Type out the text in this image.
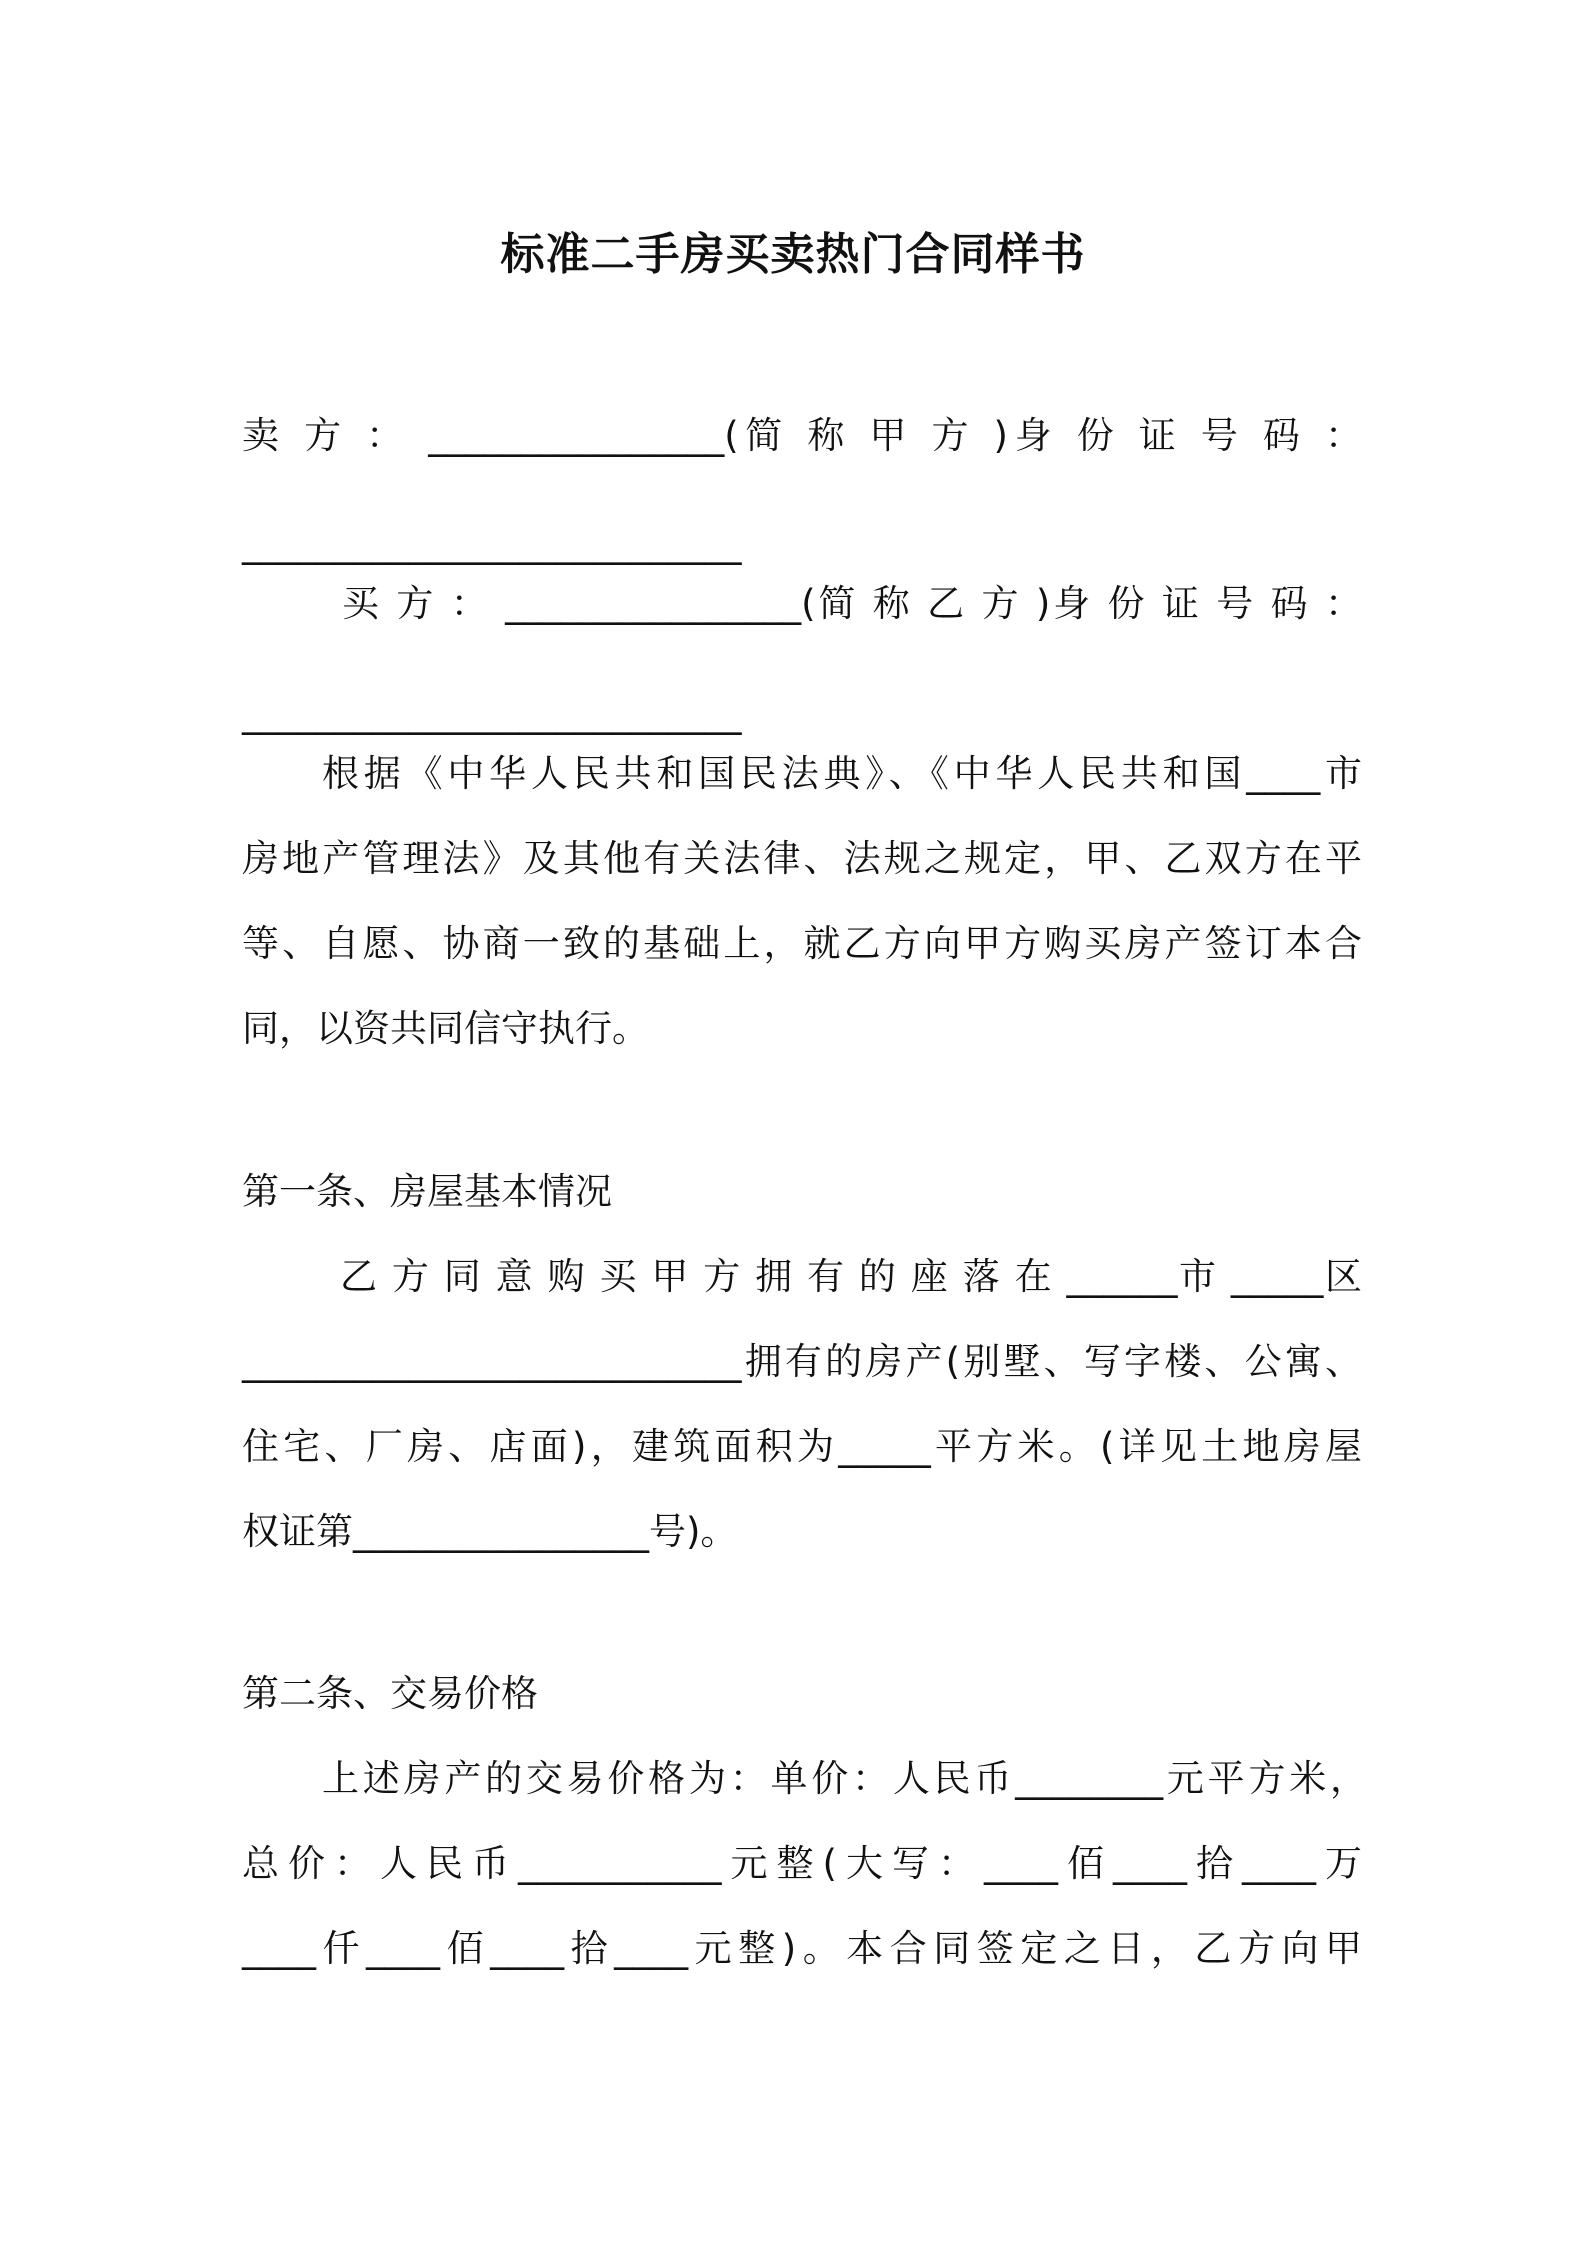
标准二手房买卖热门合同样书
卖 方 ： ________________(简 称 甲 方 )身 份 证 号 码 ：
___________________________
买 方 ： ________________(简 称 乙 方 )身 份 证 号 码 ：
___________________________
根据《中华人民共和国民法典》、《中华人民共和国____市
房地产管理法》及其他有关法律、法规之规定，甲、乙双方在平
等、自愿、协商一致的基础上，就乙方向甲方购买房产签订本合
同，以资共同信守执行。
第一条、房屋基本情况
乙 方 同 意 购 买 甲 方 拥 有 的 座 落 在 ______市 _____区
___________________________拥有的房产(别墅、写字楼、公寓、
住宅、厂房、店面)，建筑面积为_____平方米。(详见土地房屋
权证第________________号)。
第二条、交易价格
上述房产的交易价格为：单价：人民币________元平方米，
总价：人民币___________元整(大写：____佰____拾____万
____仟____佰____拾____元整)。本合同签定之日，乙方向甲
